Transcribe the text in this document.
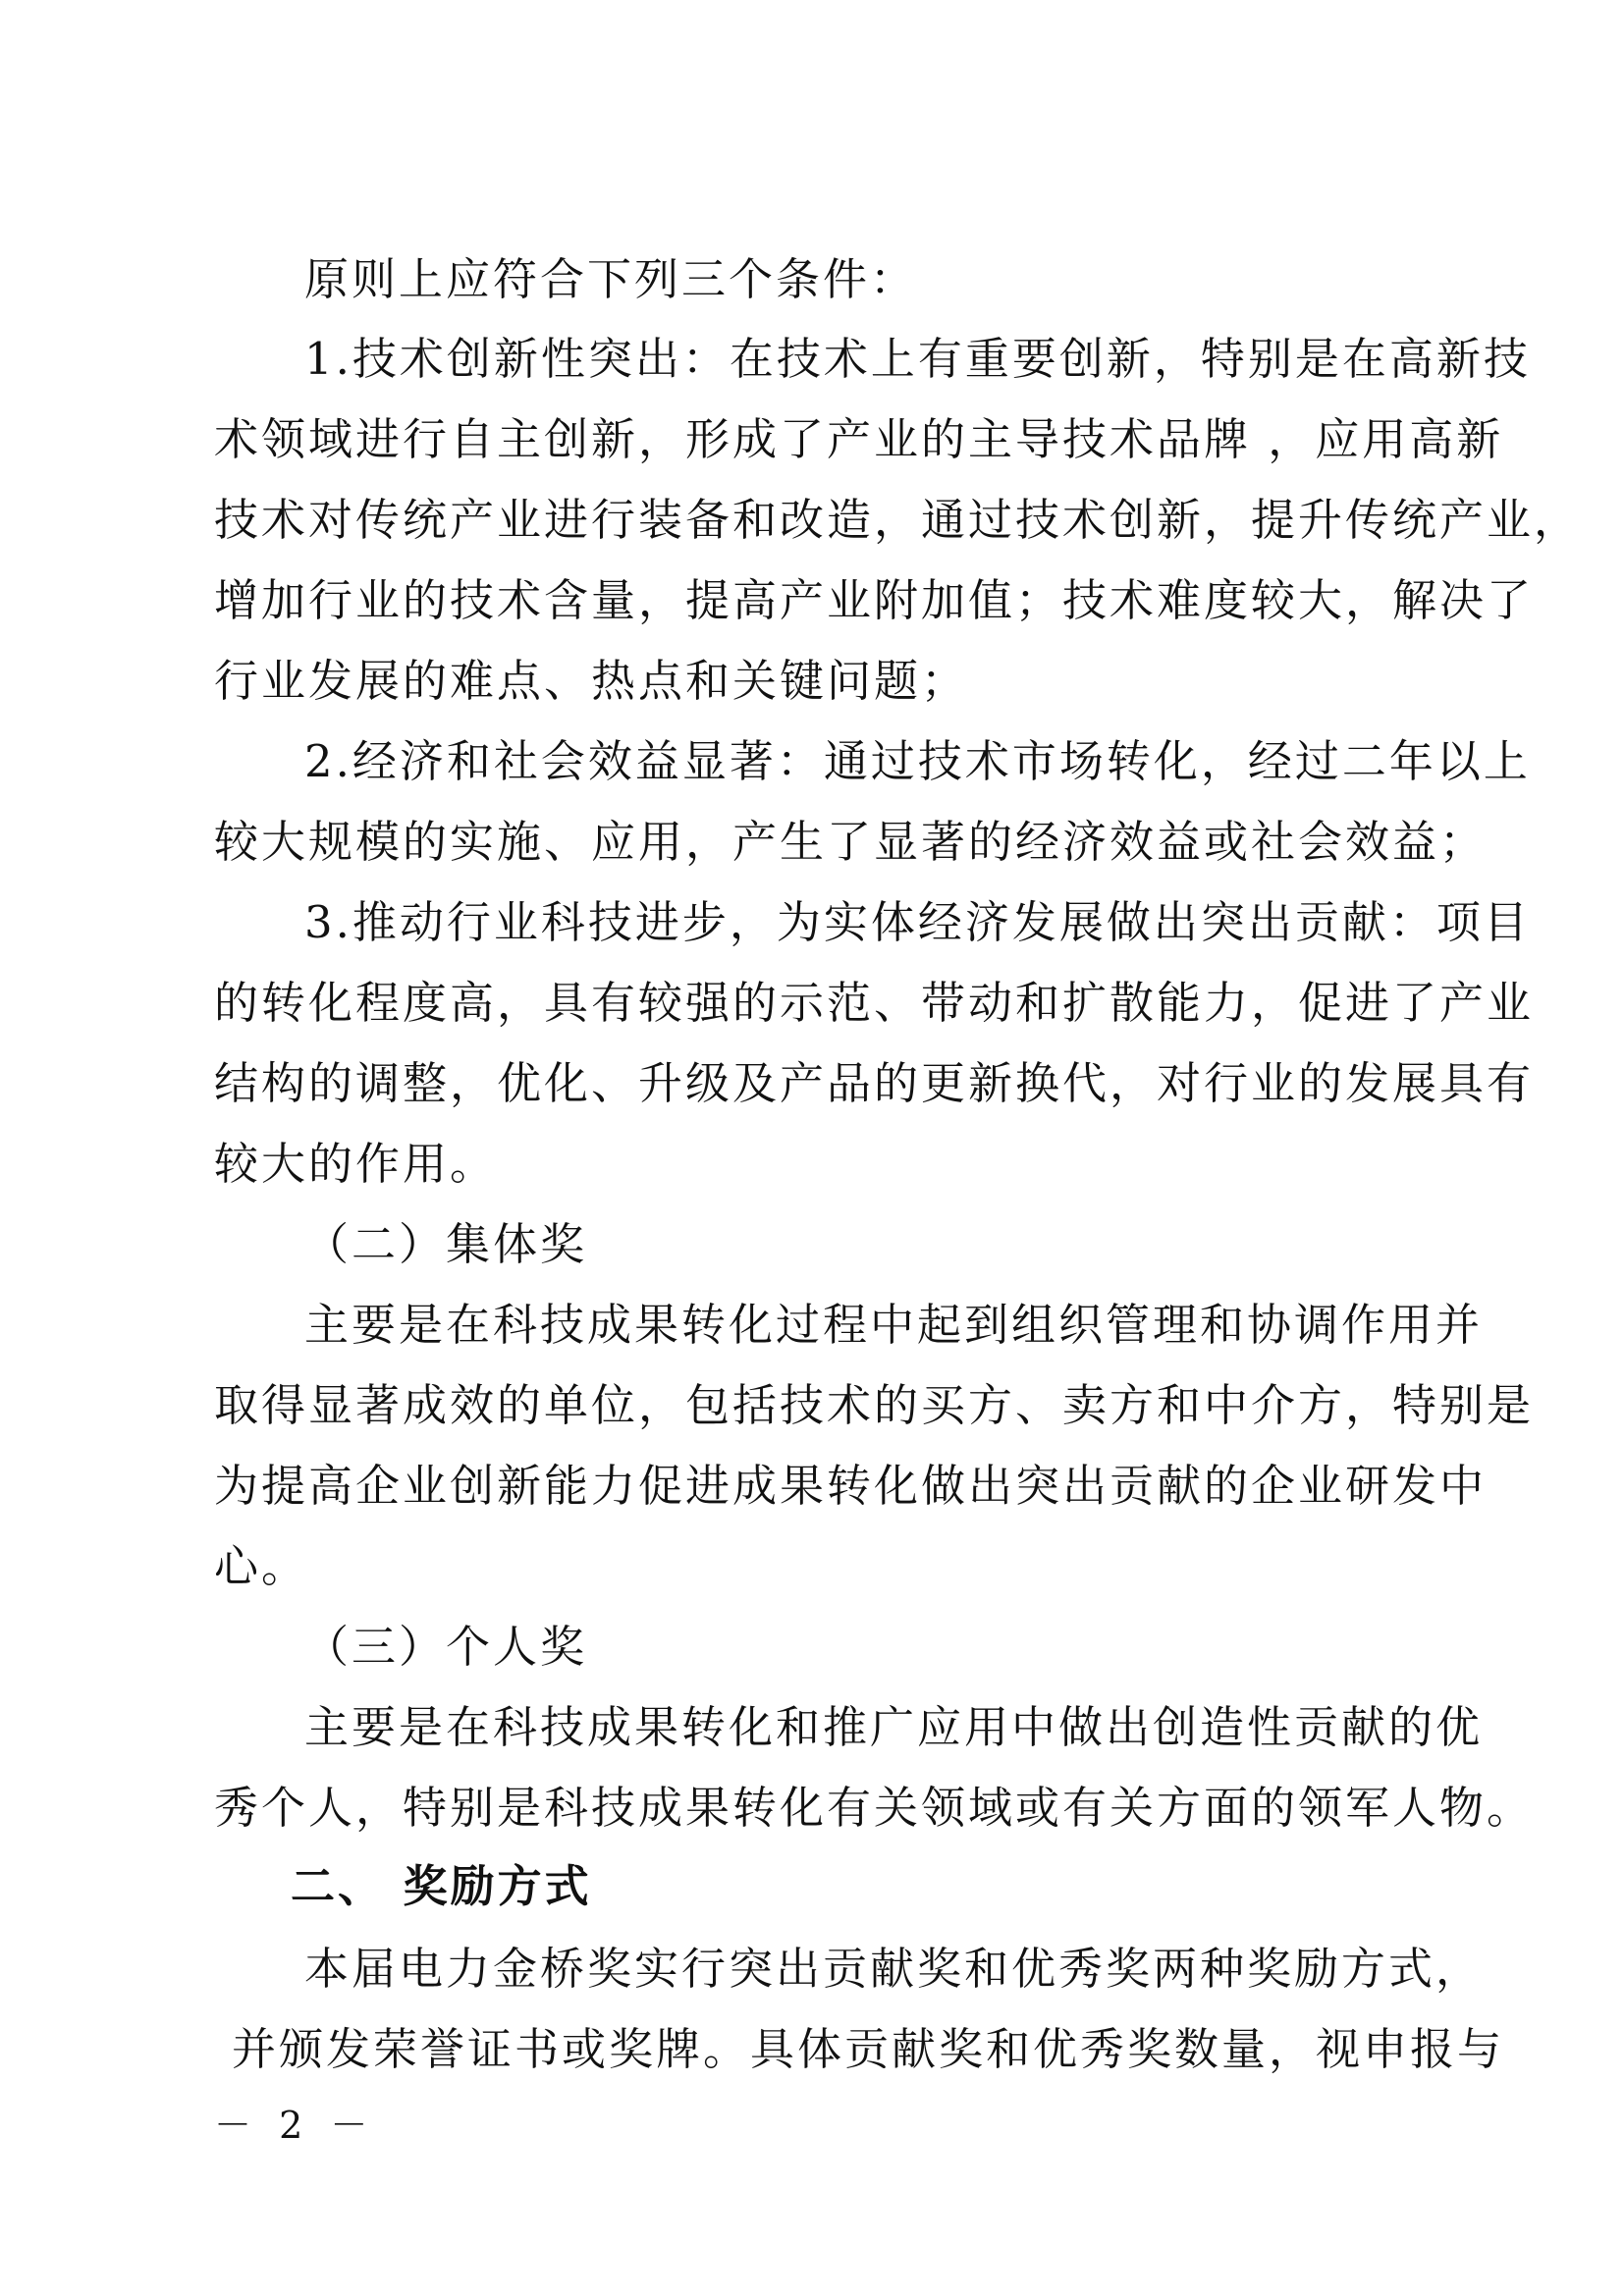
原则上应符合下列三个条件：
1.技术创新性突出：在技术上有重要创新，特别是在高新技
术领域进行自主创新，形成了产业的主导技术品牌 ，应用高新
技术对传统产业进行装备和改造，通过技术创新，提升传统产业，
增加行业的技术含量，提高产业附加值；技术难度较大，解决了
行业发展的难点、热点和关键问题；
2.经济和社会效益显著：通过技术市场转化，经过二年以上
较大规模的实施、应用，产生了显著的经济效益或社会效益；
3.推动行业科技进步，为实体经济发展做出突出贡献：项目
的转化程度高，具有较强的示范、带动和扩散能力，促进了产业
结构的调整，优化、升级及产品的更新换代，对行业的发展具有
较大的作用。
（二）集体奖
主要是在科技成果转化过程中起到组织管理和协调作用并
取得显著成效的单位，包括技术的买方、卖方和中介方，特别是
为提高企业创新能力促进成果转化做出突出贡献的企业研发中
心。
（三）个人奖
主要是在科技成果转化和推广应用中做出创造性贡献的优
秀个人，特别是科技成果转化有关领域或有关方面的领军人物。
二、 奖励方式
本届电力金桥奖实行突出贡献奖和优秀奖两种奖励方式，
并颁发荣誉证书或奖牌。具体贡献奖和优秀奖数量，视申报与
－ 2 －
